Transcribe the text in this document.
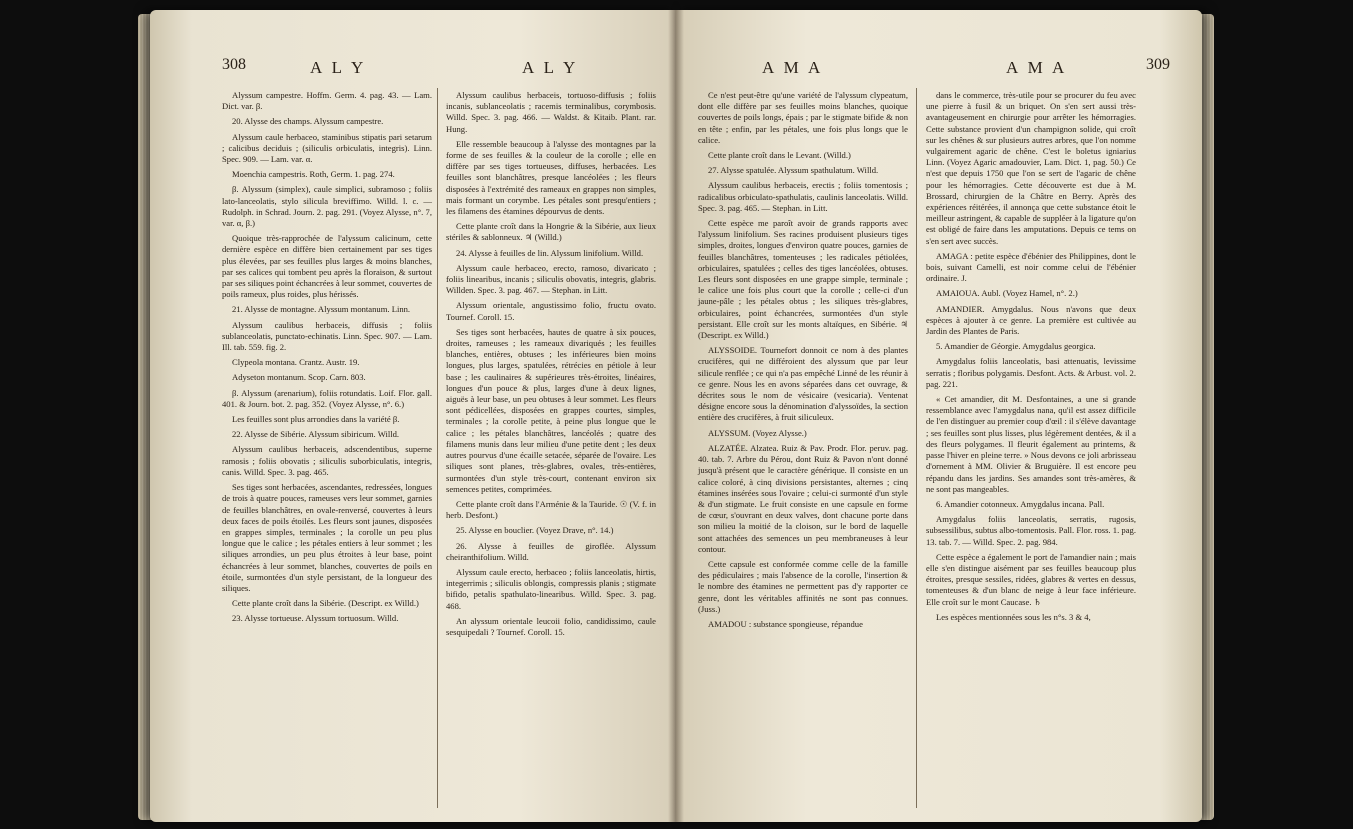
308	A L Y	A L Y

Alyssum campestre. Hoffm. Germ. 4. pag. 43. — Lam. Dict. var. β.

20. Alysse des champs. Alyssum campestre.

Alyssum caule herbaceo, staminibus stipatis pari setarum ; calicibus deciduis ; (siliculis orbiculatis, integris). Linn. Spec. 909. — Lam. var. α.

Moenchia campestris. Roth, Germ. 1. pag. 274.

β. Alyssum (simplex), caule simplici, subramoso ; foliis lato-lanceolatis, stylo silicula breviffimo. Willd. l. c. — Rudolph. in Schrad. Journ. 2. pag. 291. (Voyez Alysse, n°. 7, var. α, β.)

Quoique très-rapprochée de l'alyssum calicinum, cette dernière espèce en diffère bien certainement par ses tiges plus élevées, par ses feuilles plus larges & moins blanches, par ses calices qui tombent peu après la floraison, & surtout par ses siliques point échancrées à leur sommet, couvertes de poils rameux, plus roides, plus hérissés.

21. Alysse de montagne. Alyssum montanum. Linn.

Alyssum caulibus herbaceis, diffusis ; foliis sublanceolatis, punctato-echinatis. Linn. Spec. 907. — Lam. Ill. tab. 559. fig. 2.

Clypeola montana. Crantz. Austr. 19.

Adyseton montanum. Scop. Carn. 803.

β. Alyssum (arenarium), foliis rotundatis. Loif. Flor. gall. 401. & Journ. bot. 2. pag. 352. (Voyez Alysse, n°. 6.)

Les feuilles sont plus arrondies dans la variété β.

22. Alysse de Sibérie. Alyssum sibiricum. Willd.

Alyssum caulibus herbaceis, adscendentibus, superne ramosis ; foliis obovatis ; siliculis suborbiculatis, integris, canis. Willd. Spec. 3. pag. 465.

Ses tiges sont herbacées, ascendantes, redressées, longues de trois à quatre pouces, rameuses vers leur sommet, garnies de feuilles blanchâtres, en ovale-renversé, couvertes à leurs deux faces de poils étoilés. Les fleurs sont jaunes, disposées en grappes simples, terminales ; la corolle un peu plus longue que le calice ; les pétales entiers à leur sommet ; les siliques arrondies, un peu plus étroites à leur base, point échancrées à leur sommet, blanches, couvertes de poils en étoile, surmontées d'un style persistant, de la longueur des siliques.

Cette plante croît dans la Sibérie. (Descript. ex Willd.)

23. Alysse tortueuse. Alyssum tortuosum. Willd.

Alyssum caulibus herbaceis, tortuoso-diffusis ; foliis incanis, sublanceolatis ; racemis terminalibus, corymbosis. Willd. Spec. 3. pag. 466. — Waldst. & Kitaib. Plant. rar. Hung.

Elle ressemble beaucoup à l'alysse des montagnes par la forme de ses feuilles & la couleur de la corolle ; elle en diffère par ses tiges tortueuses, diffuses, herbacées. Les feuilles sont blanchâtres, presque lancéolées ; les fleurs disposées à l'extrémité des rameaux en grappes non simples, mais formant un corymbe. Les pétales sont presqu'entiers ; les filamens des étamines dépourvus de dents.

Cette plante croît dans la Hongrie & la Sibérie, aux lieux stériles & sablonneux. ♃ (Willd.)

24. Alysse à feuilles de lin. Alyssum linifolium. Willd.

Alyssum caule herbaceo, erecto, ramoso, divaricato ; foliis linearibus, incanis ; siliculis obovatis, integris, glabris. Willden. Spec. 3. pag. 467. — Stephan. in Litt.

Alyssum orientale, angustissimo folio, fructu ovato. Tournef. Coroll. 15.

Ses tiges sont herbacées, hautes de quatre à six pouces, droites, rameuses ; les rameaux divariqués ; les feuilles blanches, entières, obtuses ; les inférieures bien moins longues, plus larges, spatulées, rétrécies en pétiole à leur base ; les caulinaires & supérieures très-étroites, linéaires, longues d'un pouce & plus, larges d'une à deux lignes, aiguës à leur base, un peu obtuses à leur sommet. Les fleurs sont pédicellées, disposées en grappes courtes, simples, terminales ; la corolle petite, à peine plus longue que le calice ; les pétales blanchâtres, lancéolés ; quatre des filamens munis dans leur milieu d'une petite dent ; les deux autres pourvus d'une écaille setacée, séparée de l'ovaire. Les siliques sont planes, très-glabres, ovales, très-entières, surmontées d'un style très-court, contenant environ six semences petites, comprimées.

Cette plante croît dans l'Arménie & la Tauride. ☉ (V. f. in herb. Desfont.)

25. Alysse en bouclier. (Voyez Drave, n°. 14.)

26. Alysse à feuilles de giroflée. Alyssum cheiranthifolium. Willd.

Alyssum caule erecto, herbaceo ; foliis lanceolatis, hirtis, integerrimis ; siliculis oblongis, compressis planis ; stigmate bifido, petalis spathulato-linearibus. Willd. Spec. 3. pag. 468.

An alyssum orientale leucoii folio, candidissimo, caule sesquipedali ? Tournef. Coroll. 15.

A M A	A M A	309

Ce n'est peut-être qu'une variété de l'alyssum clypeatum, dont elle diffère par ses feuilles moins blanches, quoique couvertes de poils longs, épais ; par le stigmate bifide & non en tête ; enfin, par les pétales, une fois plus longs que le calice.

Cette plante croît dans le Levant. (Willd.)

27. Alysse spatulée. Alyssum spathulatum. Willd.

Alyssum caulibus herbaceis, erectis ; foliis tomentosis ; radicalibus orbiculato-spathulatis, caulinis lanceolatis. Willd. Spec. 3. pag. 465. — Stephan. in Litt.

Cette espèce me paroît avoir de grands rapports avec l'alyssum linifolium. Ses racines produisent plusieurs tiges simples, droites, longues d'environ quatre pouces, garnies de feuilles blanchâtres, tomenteuses ; les radicales pétiolées, orbiculaires, spatulées ; celles des tiges lancéolées, obtuses. Les fleurs sont disposées en une grappe simple, terminale ; le calice une fois plus court que la corolle ; celle-ci d'un jaune-pâle ; les pétales obtus ; les siliques très-glabres, orbiculaires, point échancrées, surmontées d'un style persistant. Elle croît sur les monts altaïques, en Sibérie. ♃ (Descript. ex Willd.)

ALYSSOIDE. Tournefort donnoit ce nom à des plantes crucifères, qui ne différoient des alyssum que par leur silicule renflée ; ce qui n'a pas empêché Linné de les réunir à ce genre. Nous les en avons séparées dans cet ouvrage, & décrites sous le nom de vésicaire (vesicaria). Ventenat désigne encore sous la dénomination d'alyssoïdes, la section entière des crucifères, à fruit siliculeux.

ALYSSUM. (Voyez Alysse.)

ALZATÉE. Alzatea. Ruiz & Pav. Prodr. Flor. peruv. pag. 40. tab. 7. Arbre du Pérou, dont Ruiz & Pavon n'ont donné jusqu'à présent que le caractère générique. Il consiste en un calice coloré, à cinq divisions persistantes, alternes ; cinq étamines insérées sous l'ovaire ; celui-ci surmonté d'un style & d'un stigmate. Le fruit consiste en une capsule en forme de cœur, s'ouvrant en deux valves, dont chacune porte dans son milieu la moitié de la cloison, sur le bord de laquelle sont attachées des semences un peu membraneuses à leur contour.

Cette capsule est conformée comme celle de la famille des pédiculaires ; mais l'absence de la corolle, l'insertion & le nombre des étamines ne permettent pas d'y rapporter ce genre, dont les véritables affinités ne sont pas connues. (Juss.)

AMADOU : substance spongieuse, répandue

dans le commerce, très-utile pour se procurer du feu avec une pierre à fusil & un briquet. On s'en sert aussi très-avantageusement en chirurgie pour arrêter les hémorragies. Cette substance provient d'un champignon solide, qui croît sur les chênes & sur plusieurs autres arbres, que l'on nomme vulgairement agaric de chêne. C'est le boletus igniarius Linn. (Voyez Agaric amadouvier, Lam. Dict. 1, pag. 50.) Ce n'est que depuis 1750 que l'on se sert de l'agaric de chêne pour les hémorragies. Cette découverte est due à M. Brossard, chirurgien de la Châtre en Berry. Après des expériences réitérées, il annonça que cette substance étoit le meilleur astringent, & capable de suppléer à la ligature qu'on est obligé de faire dans les amputations. Depuis ce tems on s'en sert avec succès.

AMAGA : petite espèce d'ébénier des Philippines, dont le bois, suivant Camelli, est noir comme celui de l'ébénier ordinaire. J.

AMAIOUA. Aubl. (Voyez Hamel, n°. 2.)

AMANDIER. Amygdalus. Nous n'avons que deux espèces à ajouter à ce genre. La première est cultivée au Jardin des Plantes de Paris.

5. Amandier de Géorgie. Amygdalus georgica.

Amygdalus foliis lanceolatis, basi attenuatis, levissime serratis ; floribus polygamis. Desfont. Acts. & Arbust. vol. 2. pag. 221.

« Cet amandier, dit M. Desfontaines, a une si grande ressemblance avec l'amygdalus nana, qu'il est assez difficile de l'en distinguer au premier coup d'œil : il s'élève davantage ; ses feuilles sont plus lisses, plus légèrement dentées, & il a des fleurs polygames. Il fleurit également au printems, & passe l'hiver en pleine terre. » Nous devons ce joli arbrisseau d'ornement à MM. Olivier & Bruguière. Il est encore peu répandu dans les jardins. Ses amandes sont très-amères, & ne sont pas mangeables.

6. Amandier cotonneux. Amygdalus incana. Pall.

Amygdalus foliis lanceolatis, serratis, rugosis, subsessilibus, subtus albo-tomentosis. Pall. Flor. ross. 1. pag. 13. tab. 7. — Willd. Spec. 2. pag. 984.

Cette espèce a également le port de l'amandier nain ; mais elle s'en distingue aisément par ses feuilles beaucoup plus étroites, presque sessiles, ridées, glabres & vertes en dessus, tomenteuses & d'un blanc de neige à leur face inférieure. Elle croît sur le mont Caucase. ♄

Les espèces mentionnées sous les n°s. 3 & 4,
